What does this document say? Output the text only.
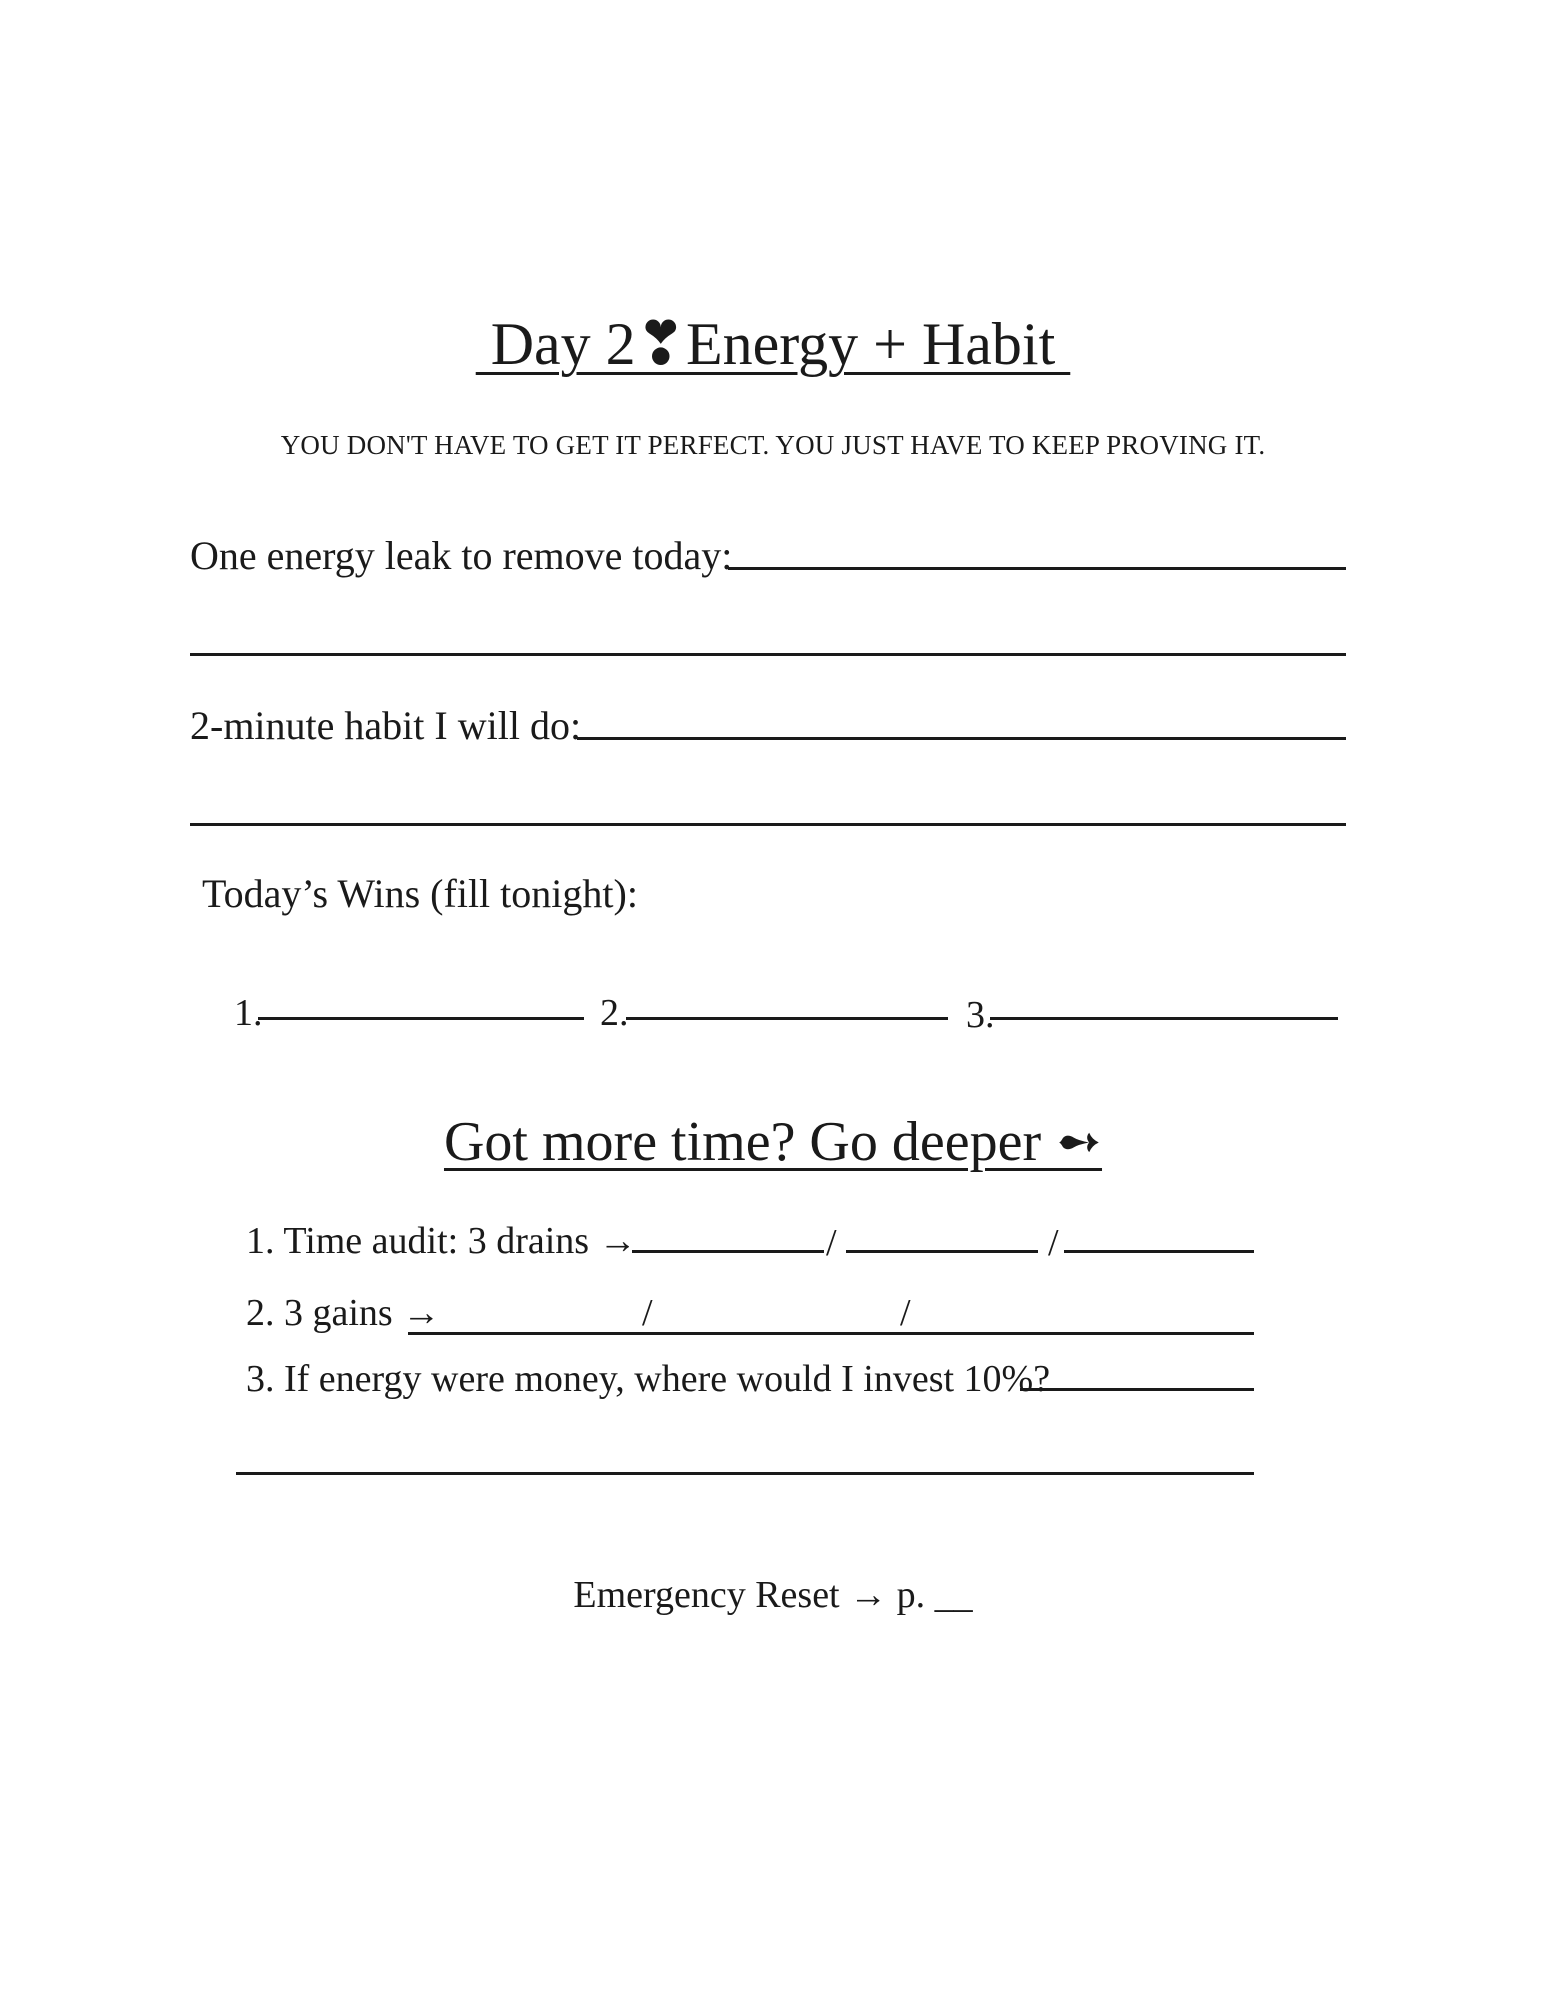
Day 2❣Energy + Habit
YOU DON'T HAVE TO GET IT PERFECT. YOU JUST HAVE TO KEEP PROVING IT.
One energy leak to remove today:
2-minute habit I will do:
Today’s Wins (fill tonight):
1.	2.	3.
Got more time? Go deeper ➻
1. Time audit: 3 drains →	/	/
2. 3 gains →	/	/
3. If energy were money, where would I invest 10%?
Emergency Reset → p. __
